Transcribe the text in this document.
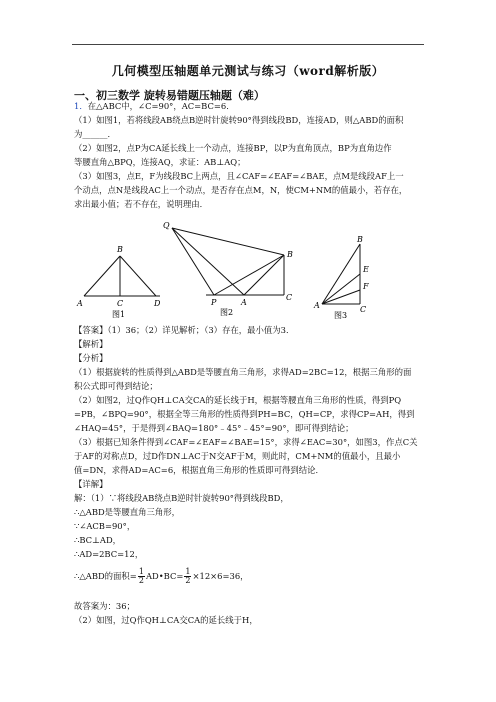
几何模型压轴题单元测试与练习（word解析版）
一、初三数学 旋转易错题压轴题（难）
1．在△ABC中，∠C=90°，AC=BC=6．
（1）如图1，若将线段AB绕点B逆时针旋转90°得到线段BD，连接AD，则△ABD的面积
为______．
（2）如图2，点P为CA延长线上一个动点，连接BP，以P为直角顶点，BP为直角边作
等腰直角△BPQ，连接AQ，求证：AB⊥AQ；
（3）如图3，点E，F为线段BC上两点，且∠CAF=∠EAF=∠BAE，点M是线段AF上一
个动点，点N是线段AC上一个动点，是否存在点M，N，使CM+NM的值最小，若存在，
求出最小值；若不存在，说明理由．
B
A	C	D
图1
Q
B
P	A
C
图2
B
E
F
A	C
图3
【答案】（1）36；（2）详见解析；（3）存在，最小值为3．
【解析】
【分析】
（1）根据旋转的性质得到△ABD是等腰直角三角形，求得AD=2BC=12，根据三角形的面
积公式即可得到结论；
（2）如图2，过Q作QH⊥CA交CA的延长线于H，根据等腰直角三角形的性质，得到PQ
=PB，∠BPQ=90°，根据全等三角形的性质得到PH=BC，QH=CP，求得CP=AH，得到
∠HAQ=45°，于是得到∠BAQ=180°﹣45°﹣45°=90°，即可得到结论；
（3）根据已知条件得到∠CAF=∠EAF=∠BAE=15°，求得∠EAC=30°，如图3，作点C关
于AF的对称点D，过D作DN⊥AC于N交AF于M，则此时，CM+NM的值最小，且最小
值=DN，求得AD=AC=6，根据直角三角形的性质即可得到结论．
【详解】
解：（1）∵将线段AB绕点B逆时针旋转90°得到线段BD，
∴△ABD是等腰直角三角形，
∵∠ACB=90°，
∴BC⊥AD，
∴AD=2BC=12，
∴△ABD的面积= $\frac{1}{2}$ AD•BC= $\frac{1}{2} \times 12\times 6=36$，
故答案为：36；
（2）如图，过Q作QH⊥CA交CA的延长线于H，
